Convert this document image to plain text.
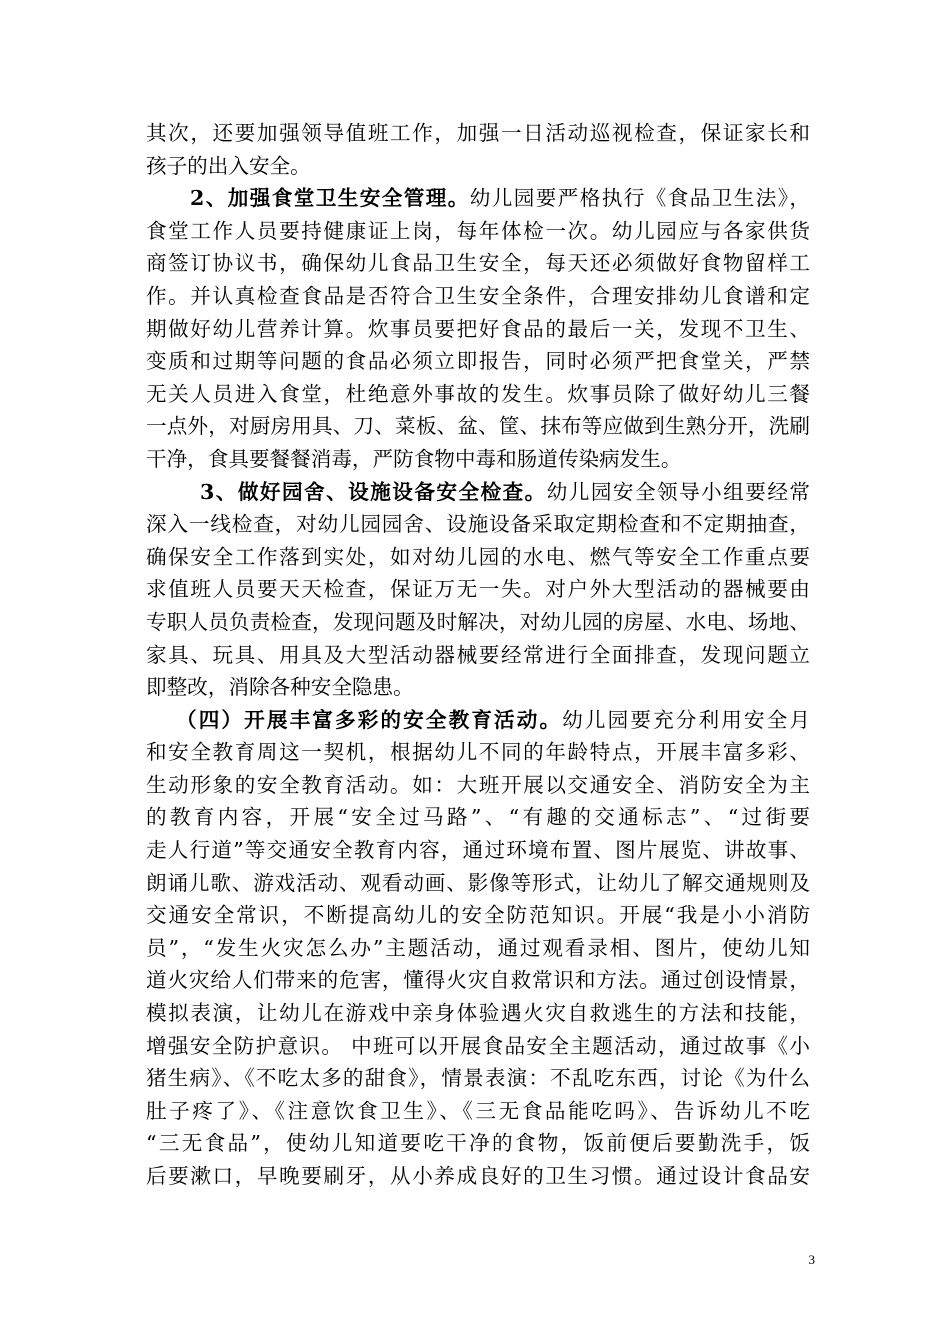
其次，还要加强领导值班工作，加强一日活动巡视检查，保证家长和
孩子的出入安全。
2、加强食堂卫生安全管理。幼儿园要严格执行《食品卫生法》，
食堂工作人员要持健康证上岗，每年体检一次。幼儿园应与各家供货
商签订协议书，确保幼儿食品卫生安全，每天还必须做好食物留样工
作。并认真检查食品是否符合卫生安全条件，合理安排幼儿食谱和定
期做好幼儿营养计算。炊事员要把好食品的最后一关，发现不卫生、
变质和过期等问题的食品必须立即报告，同时必须严把食堂关，严禁
无关人员进入食堂，杜绝意外事故的发生。炊事员除了做好幼儿三餐
一点外，对厨房用具、刀、菜板、盆、筐、抹布等应做到生熟分开，洗刷
干净，食具要餐餐消毒，严防食物中毒和肠道传染病发生。
3、做好园舍、设施设备安全检查。幼儿园安全领导小组要经常
深入一线检查，对幼儿园园舍、设施设备采取定期检查和不定期抽查，
确保安全工作落到实处，如对幼儿园的水电、燃气等安全工作重点要
求值班人员要天天检查，保证万无一失。对户外大型活动的器械要由
专职人员负责检查，发现问题及时解决，对幼儿园的房屋、水电、场地、
家具、玩具、用具及大型活动器械要经常进行全面排查，发现问题立
即整改，消除各种安全隐患。
（四）开展丰富多彩的安全教育活动。幼儿园要充分利用安全月
和安全教育周这一契机，根据幼儿不同的年龄特点，开展丰富多彩、
生动形象的安全教育活动。如：大班开展以交通安全、消防安全为主
的教育内容，开展“安全过马路”、“有趣的交通标志”、“过街要
走人行道”等交通安全教育内容，通过环境布置、图片展览、讲故事、
朗诵儿歌、游戏活动、观看动画、影像等形式，让幼儿了解交通规则及
交通安全常识，不断提高幼儿的安全防范知识。开展“我是小小消防
员”，“发生火灾怎么办”主题活动，通过观看录相、图片，使幼儿知
道火灾给人们带来的危害，懂得火灾自救常识和方法。通过创设情景，
模拟表演，让幼儿在游戏中亲身体验遇火灾自救逃生的方法和技能，
增强安全防护意识。 中班可以开展食品安全主题活动，通过故事《小
猪生病》、《不吃太多的甜食》，情景表演：不乱吃东西，讨论《为什么
肚子疼了》、《注意饮食卫生》、《三无食品能吃吗》、告诉幼儿不吃
“三无食品”，使幼儿知道要吃干净的食物，饭前便后要勤洗手，饭
后要漱口，早晚要刷牙，从小养成良好的卫生习惯。通过设计食品安
3
